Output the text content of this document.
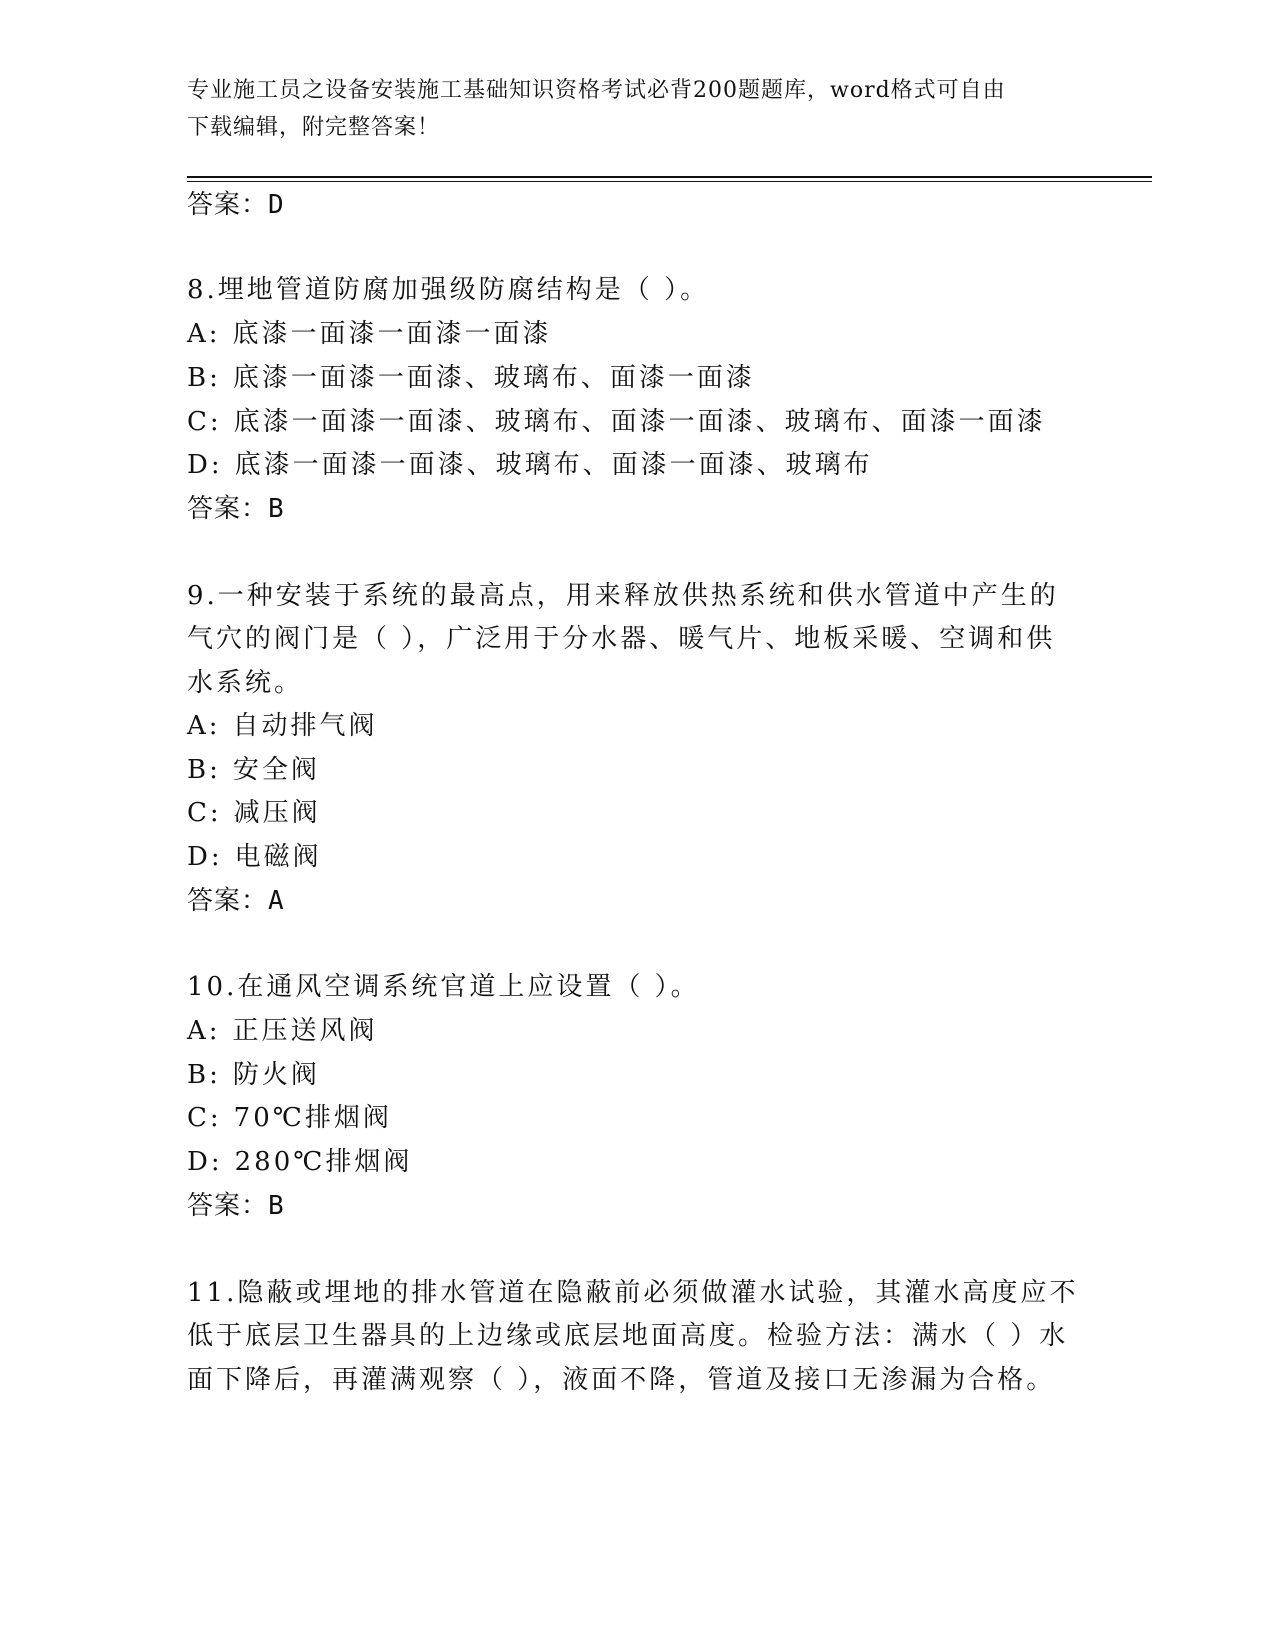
专业施工员之设备安装施工基础知识资格考试必背200题题库，word格式可自由
下载编辑，附完整答案！
答案：D
8.埋地管道防腐加强级防腐结构是（ ）。
A: 底漆一面漆一面漆一面漆
B: 底漆一面漆一面漆、玻璃布、面漆一面漆
C: 底漆一面漆一面漆、玻璃布、面漆一面漆、玻璃布、面漆一面漆
D: 底漆一面漆一面漆、玻璃布、面漆一面漆、玻璃布
答案：B
9.一种安装于系统的最高点，用来释放供热系统和供水管道中产生的
气穴的阀门是（ ），广泛用于分水器、暖气片、地板采暖、空调和供
水系统。
A: 自动排气阀
B: 安全阀
C: 减压阀
D: 电磁阀
答案：A
10.在通风空调系统官道上应设置（ ）。
A: 正压送风阀
B: 防火阀
C: 70℃排烟阀
D: 280℃排烟阀
答案：B
11.隐蔽或埋地的排水管道在隐蔽前必须做灌水试验，其灌水高度应不
低于底层卫生器具的上边缘或底层地面高度。检验方法：满水（ ）水
面下降后，再灌满观察（ ），液面不降，管道及接口无渗漏为合格。
